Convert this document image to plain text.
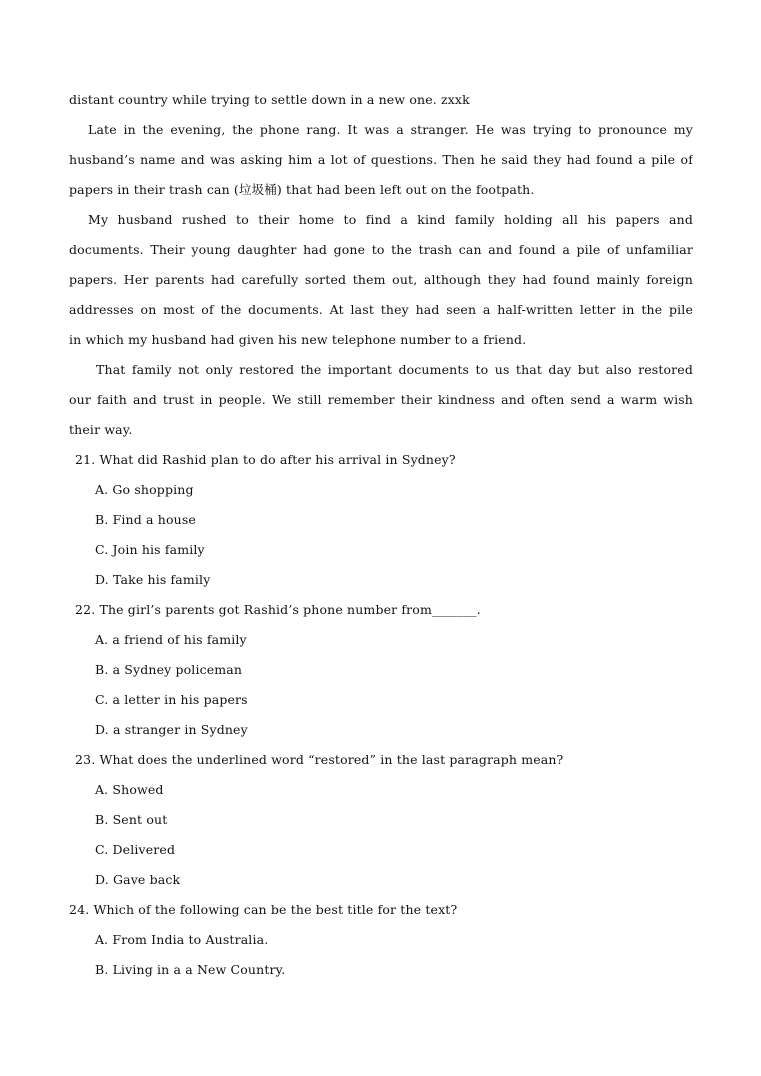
distant country while trying to settle down in a new one. zxxk
Late in the evening, the phone rang. It was a stranger. He was trying to pronounce my
husband’s name and was asking him a lot of questions. Then he said they had found a pile of
papers in their trash can (垃圾桶) that had been left out on the footpath.
My husband rushed to their home to find a kind family holding all his papers and
documents. Their young daughter had gone to the trash can and found a pile of unfamiliar
papers. Her parents had carefully sorted them out, although they had found mainly foreign
addresses on most of the documents. At last they had seen a half-written letter in the pile
in which my husband had given his new telephone number to a friend.
That family not only restored the important documents to us that day but also restored
our faith and trust in people. We still remember their kindness and often send a warm wish
their way.
21. What did Rashid plan to do after his arrival in Sydney?
A. Go shopping
B. Find a house
C. Join his family
D. Take his family
22. The girl’s parents got Rashid’s phone number from_______.
A. a friend of his family
B. a Sydney policeman
C. a letter in his papers
D. a stranger in Sydney
23. What does the underlined word “restored” in the last paragraph mean?
A. Showed
B. Sent out
C. Delivered
D. Gave back
24. Which of the following can be the best title for the text?
A. From India to Australia.
B. Living in a a New Country.
